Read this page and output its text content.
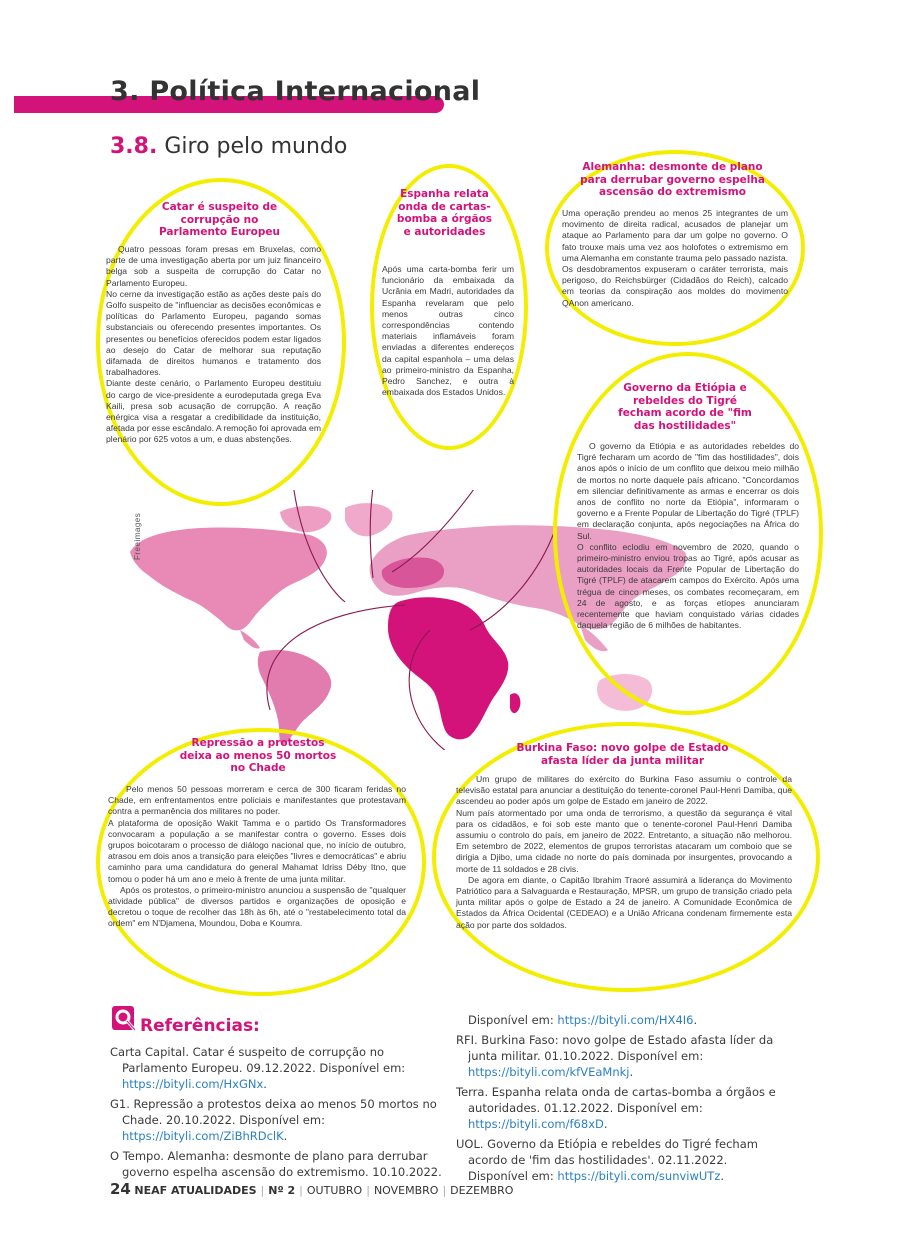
3. Política Internacional
3.8. Giro pelo mundo
Freeimages
Catar é suspeito de corrupção no Parlamento Europeu

Quatro pessoas foram presas em Bruxelas, como parte de uma investigação aberta por um juiz financeiro belga sob a suspeita de corrupção do Catar no Parlamento Europeu.

No cerne da investigação estão as ações deste país do Golfo suspeito de "influenciar as decisões econômicas e políticas do Parlamento Europeu, pagando somas substanciais ou oferecendo presentes importantes. Os presentes ou benefícios oferecidos podem estar ligados ao desejo do Catar de melhorar sua reputação difamada de direitos humanos e tratamento dos trabalhadores.

Diante deste cenário, o Parlamento Europeu destituiu do cargo de vice-presidente a eurodeputada grega Eva Kaili, presa sob acusação de corrupção. A reação enérgica visa a resgatar a credibilidade da instituição, afetada por esse escândalo. A remoção foi aprovada em plenário por 625 votos a um, e duas abstenções.

Espanha relata onda de cartas-bomba a órgãos e autoridades

Após uma carta-bomba ferir um funcionário da embaixada da Ucrânia em Madri, autoridades da Espanha revelaram que pelo menos outras cinco correspondências contendo materiais inflamáveis foram enviadas a diferentes endereços da capital espanhola – uma delas ao primeiro-ministro da Espanha, Pedro Sanchez, e outra à embaixada dos Estados Unidos.

Alemanha: desmonte de plano para derrubar governo espelha ascensão do extremismo

Uma operação prendeu ao menos 25 integrantes de um movimento de direita radical, acusados de planejar um ataque ao Parlamento para dar um golpe no governo. O fato trouxe mais uma vez aos holofotes o extremismo em uma Alemanha em constante trauma pelo passado nazista. Os desdobramentos expuseram o caráter terrorista, mais perigoso, do Reichsbürger (Cidadãos do Reich), calcado em teorias da conspiração aos moldes do movimento QAnon americano.

Governo da Etiópia e rebeldes do Tigré fecham acordo de "fim das hostilidades"

O governo da Etiópia e as autoridades rebeldes do Tigré fecharam um acordo de "fim das hostilidades", dois anos após o início de um conflito que deixou meio milhão de mortos no norte daquele país africano. "Concordamos em silenciar definitivamente as armas e encerrar os dois anos de conflito no norte da Etiópia", informaram o governo e a Frente Popular de Libertação do Tigré (TPLF) em declaração conjunta, após negociações na África do Sul.

O conflito eclodiu em novembro de 2020, quando o primeiro-ministro enviou tropas ao Tigré, após acusar as autoridades locais da Frente Popular de Libertação do Tigré (TPLF) de atacarem campos do Exército. Após uma trégua de cinco meses, os combates recomeçaram, em 24 de agosto, e as forças etíopes anunciaram recentemente que haviam conquistado várias cidades daquela região de 6 milhões de habitantes.

Repressão a protestos deixa ao menos 50 mortos no Chade

Pelo menos 50 pessoas morreram e cerca de 300 ficaram feridas no Chade, em enfrentamentos entre policiais e manifestantes que protestavam contra a permanência dos militares no poder.

A plataforma de oposição Wakit Tamma e o partido Os Transformadores convocaram a população a se manifestar contra o governo. Esses dois grupos boicotaram o processo de diálogo nacional que, no início de outubro, atrasou em dois anos a transição para eleições "livres e democráticas" e abriu caminho para uma candidatura do general Mahamat Idriss Déby Itno, que tomou o poder há um ano e meio à frente de uma junta militar.

Após os protestos, o primeiro-ministro anunciou a suspensão de "qualquer atividade pública" de diversos partidos e organizações de oposição e decretou o toque de recolher das 18h às 6h, até o "restabelecimento total da ordem" em N'Djamena, Moundou, Doba e Koumra.

Burkina Faso: novo golpe de Estado afasta líder da junta militar

Um grupo de militares do exército do Burkina Faso assumiu o controle da televisão estatal para anunciar a destituição do tenente-coronel Paul-Henri Damiba, que ascendeu ao poder após um golpe de Estado em janeiro de 2022.

Num país atormentado por uma onda de terrorismo, a questão da segurança é vital para os cidadãos, e foi sob este manto que o tenente-coronel Paul-Henri Damiba assumiu o controlo do país, em janeiro de 2022. Entretanto, a situação não melhorou. Em setembro de 2022, elementos de grupos terroristas atacaram um comboio que se dirigia a Djibo, uma cidade no norte do país dominada por insurgentes, provocando a morte de 11 soldados e 28 civis.

De agora em diante, o Capitão Ibrahim Traoré assumirá a liderança do Movimento Patriótico para a Salvaguarda e Restauração, MPSR, um grupo de transição criado pela junta militar após o golpe de Estado a 24 de janeiro. A Comunidade Econômica de Estados da África Ocidental (CEDEAO) e a União Africana condenam firmemente esta ação por parte dos soldados.

Referências:

Carta Capital. Catar é suspeito de corrupção no Parlamento Europeu. 09.12.2022. Disponível em: https://bityli.com/HxGNx.

G1. Repressão a protestos deixa ao menos 50 mortos no Chade. 20.10.2022. Disponível em: https://bityli.com/ZiBhRDclK.

O Tempo. Alemanha: desmonte de plano para derrubar governo espelha ascensão do extremismo. 10.10.2022.

Disponível em: https://bityli.com/HX4I6.

RFI. Burkina Faso: novo golpe de Estado afasta líder da junta militar. 01.10.2022. Disponível em: https://bityli.com/kfVEaMnkj.

Terra. Espanha relata onda de cartas-bomba a órgãos e autoridades. 01.12.2022. Disponível em: https://bityli.com/f68xD.

UOL. Governo da Etiópia e rebeldes do Tigré fecham acordo de 'fim das hostilidades'. 02.11.2022. Disponível em: https://bityli.com/sunviwUTz.

24 NEAF ATUALIDADES | Nº 2 | OUTUBRO | NOVEMBRO | DEZEMBRO
